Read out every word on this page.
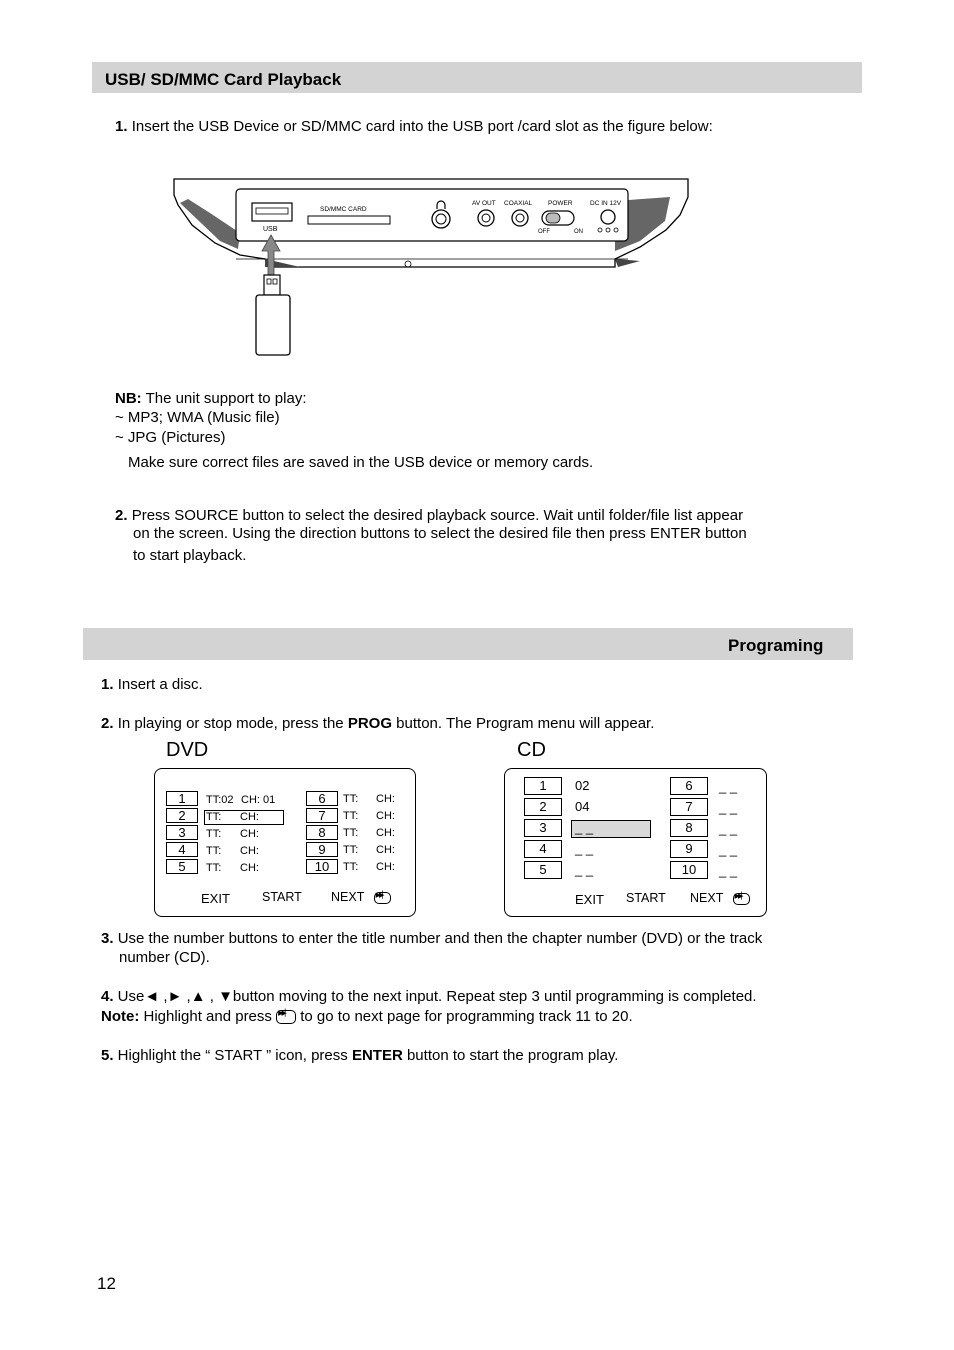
USB/ SD/MMC Card Playback
1. Insert the USB Device or SD/MMC card into the USB port /card slot as the figure below:
USB
SD/MMC CARD
AV OUT COAXIAL POWER
OFF	ON
DC IN 12V
NB: The unit support to play:
~ MP3; WMA (Music file)
~ JPG (Pictures)
Make sure correct files are saved in the USB device or memory cards.
2. Press SOURCE button to select the desired playback source. Wait until folder/file list appear
on the screen. Using the direction buttons to select the desired file then press ENTER button
to start playback.
Programing
1. Insert a disc.
2. In playing or stop mode, press the PROG button. The Program menu will appear.
DVD	CD
1	TT:02 CH: 01
2	TT: CH:
3	TT: CH:
4	TT: CH:
5	TT: CH:
6	TT: CH:
7	TT: CH:
8	TT: CH:
9	TT: CH:
10	TT: CH:
EXIT	START NEXT ▶▶▏
1	02
2	04
3	_ _
4	_ _
5	_ _
6	_ _
7	_ _
8	_ _
9	_ _
10	_ _
EXIT START NEXT ▶▶▏
3. Use the number buttons to enter the title number and then the chapter number (DVD) or the track
number (CD).
4. Use◄ ,► ,▲ , ▼button moving to the next input. Repeat step 3 until programming is completed.
Note: Highlight and press ▶▶▏ to go to next page for programming track 11 to 20.
5. Highlight the “ START ” icon, press ENTER button to start the program play.
12
